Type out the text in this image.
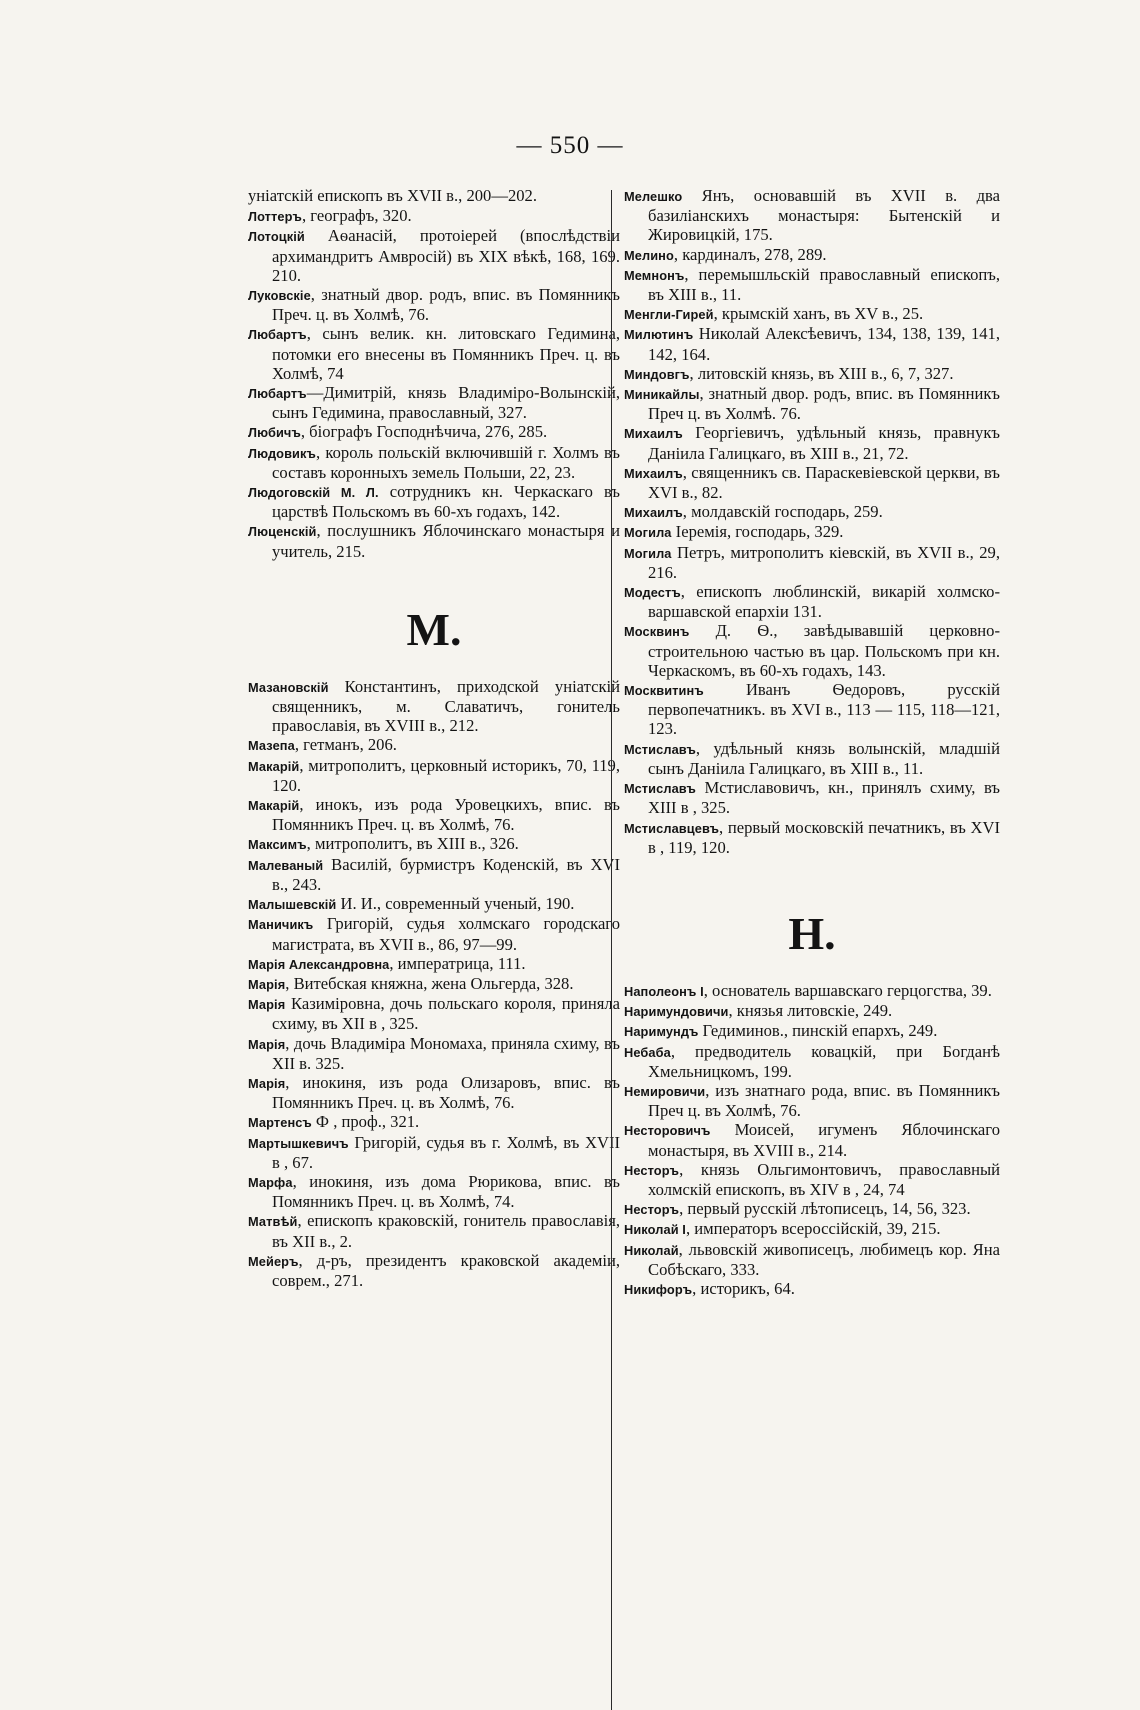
— 550 —

уніатскій епископъ въ XVII в., 200—202.

Лоттеръ, географъ, 320.

Лотоцкій Аѳанасій, протоіерей (впослѣдствіи архимандритъ Амвросій) въ XIX вѣкѣ, 168, 169. 210.

Луковскіе, знатный двор. родъ, впис. въ Помянникъ Преч. ц. въ Холмѣ, 76.

Любартъ, сынъ велик. кн. литовскаго Гедимина, потомки его внесены въ Помянникъ Преч. ц. въ Холмѣ, 74

Любартъ—Димитрій, князь Владиміро-Волынскій, сынъ Гедимина, православный, 327.

Любичъ, біографъ Господнѣчича, 276, 285.

Людовикъ, король польскій включившій г. Холмъ въ составъ коронныхъ земель Польши, 22, 23.

Людоговскій М. Л. сотрудникъ кн. Черкаскаго въ царствѣ Польскомъ въ 60-хъ годахъ, 142.

Люценскій, послушникъ Яблочинскаго монастыря и учитель, 215.

М.

Мазановскій Константинъ, приходской уніатскій священникъ, м. Славатичъ, гонитель православія, въ XVIII в., 212.

Мазепа, гетманъ, 206.

Макарій, митрополитъ, церковный историкъ, 70, 119, 120.

Макарій, инокъ, изъ рода Уровецкихъ, впис. въ Помянникъ Преч. ц. въ Холмѣ, 76.

Максимъ, митрополитъ, въ XIII в., 326.

Малеваный Василій, бурмистръ Коденскій, въ XVI в., 243.

Малышевскій И. И., современный ученый, 190.

Маничикъ Григорій, судья холмскаго городскаго магистрата, въ XVII в., 86, 97—99.

Марія Александровна, императрица, 111.

Марія, Витебская княжна, жена Ольгерда, 328.

Марія Казиміровна, дочь польскаго короля, приняла схиму, въ XII в , 325.

Марія, дочь Владиміра Мономаха, приняла схиму, въ XII в. 325.

Марія, инокиня, изъ рода Олизаровъ, впис. въ Помянникъ Преч. ц. въ Холмѣ, 76.

Мартенсъ Ф , проф., 321.

Мартышкевичъ Григорій, судья въ г. Холмѣ, въ XVII в , 67.

Марфа, инокиня, изъ дома Рюрикова, впис. въ Помянникъ Преч. ц. въ Холмѣ, 74.

Матвѣй, епископъ краковскій, гонитель православія, въ XII в., 2.

Мейеръ, д-ръ, президентъ краковской академіи, соврем., 271.

Мелешко Янъ, основавшій въ XVII в. два базиліанскихъ монастыря: Бытенскій и Жировицкій, 175.

Мелино, кардиналъ, 278, 289.

Мемнонъ, перемышльскій православный епископъ, въ XIII в., 11.

Менгли-Гирей, крымскій ханъ, въ XV в., 25.

Милютинъ Николай Алексѣевичъ, 134, 138, 139, 141, 142, 164.

Миндовгъ, литовскій князь, въ XIII в., 6, 7, 327.

Миникайлы, знатный двор. родъ, впис. въ Помянникъ Преч ц. въ Холмѣ. 76.

Михаилъ Георгіевичъ, удѣльный князь, правнукъ Даніила Галицкаго, въ XIII в., 21, 72.

Михаилъ, священникъ св. Параскевіевской церкви, въ XVI в., 82.

Михаилъ, молдавскій господарь, 259.

Могила Іеремія, господарь, 329.

Могила Петръ, митрополитъ кіевскій, въ XVII в., 29, 216.

Модестъ, епископъ люблинскій, викарій холмско-варшавской епархіи 131.

Москвинъ Д. Ѳ., завѣдывавшій церковно-строительною частью въ цар. Польскомъ при кн. Черкаскомъ, въ 60-хъ годахъ, 143.

Москвитинъ Иванъ Ѳедоровъ, русскій первопечатникъ. въ XVI в., 113 — 115, 118—121, 123.

Мстиславъ, удѣльный князь волынскій, младшій сынъ Даніила Галицкаго, въ XIII в., 11.

Мстиславъ Мстиславовичъ, кн., принялъ схиму, въ XIII в , 325.

Мстиславцевъ, первый московскій печатникъ, въ XVI в , 119, 120.

Н.

Наполеонъ I, основатель варшавскаго герцогства, 39.

Наримундовичи, князья литовскіе, 249.

Наримундъ Гедиминов., пинскій епархъ, 249.

Небаба, предводитель ковацкій, при Богданѣ Хмельницкомъ, 199.

Немировичи, изъ знатнаго рода, впис. въ Помянникъ Преч ц. въ Холмѣ, 76.

Несторовичъ Моисей, игуменъ Яблочинскаго монастыря, въ XVIII в., 214.

Несторъ, князь Ольгимонтовичъ, православный холмскій епископъ, въ XIV в , 24, 74

Несторъ, первый русскій лѣтописецъ, 14, 56, 323.

Николай I, императоръ всероссійскій, 39, 215.

Николай, львовскій живописецъ, любимецъ кор. Яна Собѣскаго, 333.

Никифоръ, историкъ, 64.
